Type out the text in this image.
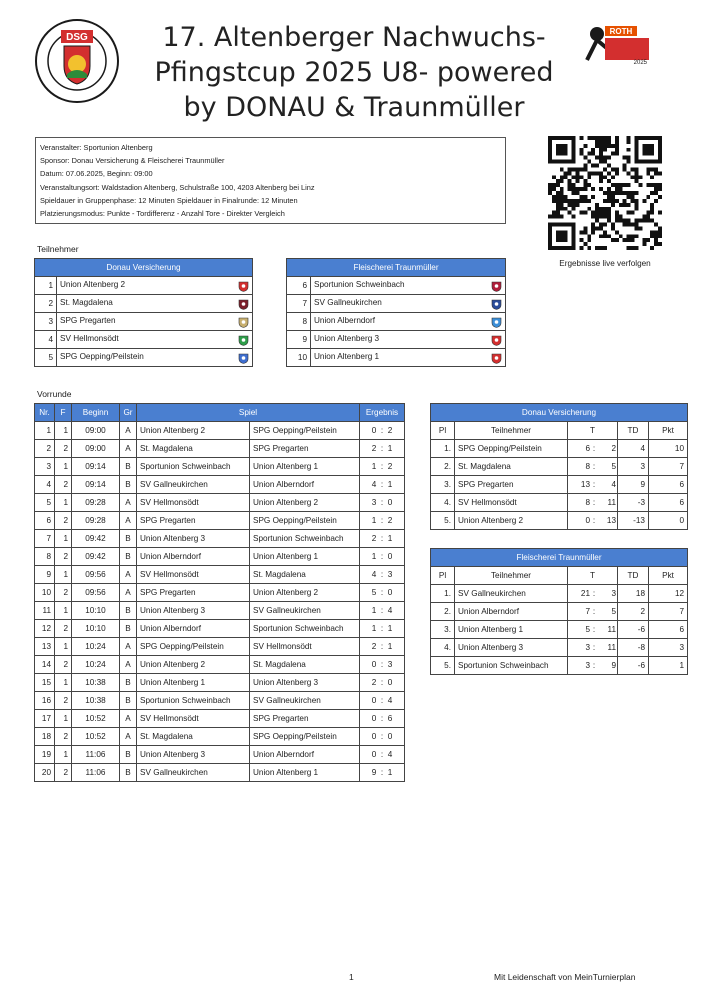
DSG	17. Altenberger Nachwuchs-
Pfingstcup 2025 U8- powered
by DONAU & Traunmüller
ROTH
2025
Veranstalter: Sportunion Altenberg
Sponsor: Donau Versicherung & Fleischerei Traunmüller
Datum: 07.06.2025, Beginn: 09:00
Veranstaltungsort: Waldstadion Altenberg, Schulstraße 100, 4203 Altenberg bei Linz
Spieldauer in Gruppenphase: 12 Minuten Spieldauer in Finalrunde: 12 Minuten
Platzierungsmodus: Punkte - Tordifferenz - Anzahl Tore - Direkter Vergleich
Ergebnisse live verfolgen
Teilnehmer
Donau Versicherung	
1	Union Altenberg 2

2	St. Magdalena

3	SPG Pregarten

4	SV Hellmonsödt

5	SPG Oepping/Peilstein
Fleischerei Traunmüller	
6	Sportunion Schweinbach

7	SV Gallneukirchen

8	Union Alberndorf

9	Union Altenberg 3

10	Union Altenberg 1
Vorrunde
Nr.	F	Beginn	Gr	Spiel		Ergebnis
1	1	09:00	A	Union Altenberg 2	SPG Oepping/Peilstein	0  :  2
2	2	09:00	A	St. Magdalena	SPG Pregarten	2  :  1
3	1	09:14	B	Sportunion Schweinbach	Union Altenberg 1	1  :  2
4	2	09:14	B	SV Gallneukirchen	Union Alberndorf	4  :  1
5	1	09:28	A	SV Hellmonsödt	Union Altenberg 2	3  :  0
6	2	09:28	A	SPG Pregarten	SPG Oepping/Peilstein	1  :  2
7	1	09:42	B	Union Altenberg 3	Sportunion Schweinbach	2  :  1
8	2	09:42	B	Union Alberndorf	Union Altenberg 1	1  :  0
9	1	09:56	A	SV Hellmonsödt	St. Magdalena	4  :  3
10	2	09:56	A	SPG Pregarten	Union Altenberg 2	5  :  0
11	1	10:10	B	Union Altenberg 3	SV Gallneukirchen	1  :  4
12	2	10:10	B	Union Alberndorf	Sportunion Schweinbach	1  :  1
13	1	10:24	A	SPG Oepping/Peilstein	SV Hellmonsödt	2  :  1
14	2	10:24	A	Union Altenberg 2	St. Magdalena	0  :  3
15	1	10:38	B	Union Altenberg 1	Union Altenberg 3	2  :  0
16	2	10:38	B	Sportunion Schweinbach	SV Gallneukirchen	0  :  4
17	1	10:52	A	SV Hellmonsödt	SPG Pregarten	0  :  6
18	2	10:52	A	St. Magdalena	SPG Oepping/Peilstein	0  :  0
19	1	11:06	B	Union Altenberg 3	Union Alberndorf	0  :  4
20	2	11:06	B	SV Gallneukirchen	Union Altenberg 1	9  :  1
Donau Versicherung				
Pl	Teilnehmer	T	TD	Pkt
1.	SPG Oepping/Peilstein	6 : 2	4	10
2.	St. Magdalena	8 : 5	3	7
3.	SPG Pregarten	13 : 4	9	6
4.	SV Hellmonsödt	8 : 11	-3	6
5.	Union Altenberg 2	0 : 13	-13	0
Fleischerei Traunmüller				
Pl	Teilnehmer	T	TD	Pkt
1.	SV Gallneukirchen	21 : 3	18	12
2.	Union Alberndorf	7 : 5	2	7
3.	Union Altenberg 1	5 : 11	-6	6
4.	Union Altenberg 3	3 : 11	-8	3
5.	Sportunion Schweinbach	3 : 9	-6	1
1	Mit Leidenschaft von MeinTurnierplan
